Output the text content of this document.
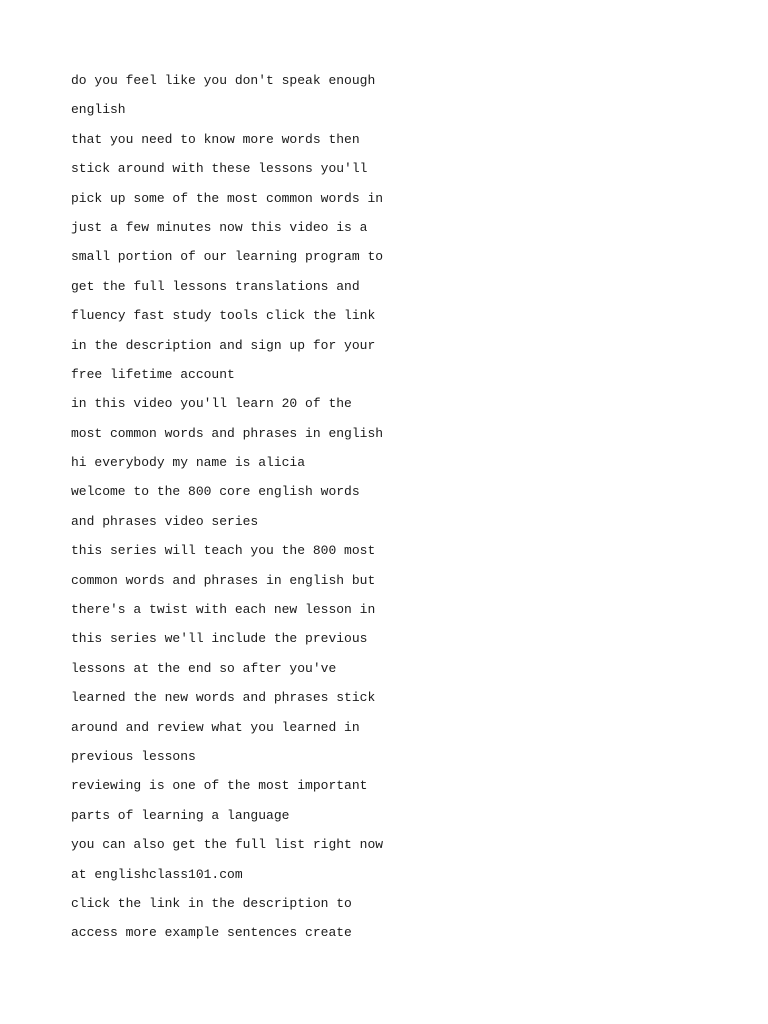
do you feel like you don't speak enough
english
that you need to know more words then
stick around with these lessons you'll
pick up some of the most common words in
just a few minutes now this video is a
small portion of our learning program to
get the full lessons translations and
fluency fast study tools click the link
in the description and sign up for your
free lifetime account
in this video you'll learn 20 of the
most common words and phrases in english
hi everybody my name is alicia
welcome to the 800 core english words
and phrases video series
this series will teach you the 800 most
common words and phrases in english but
there's a twist with each new lesson in
this series we'll include the previous
lessons at the end so after you've
learned the new words and phrases stick
around and review what you learned in
previous lessons
reviewing is one of the most important
parts of learning a language
you can also get the full list right now
at englishclass101.com
click the link in the description to
access more example sentences create
